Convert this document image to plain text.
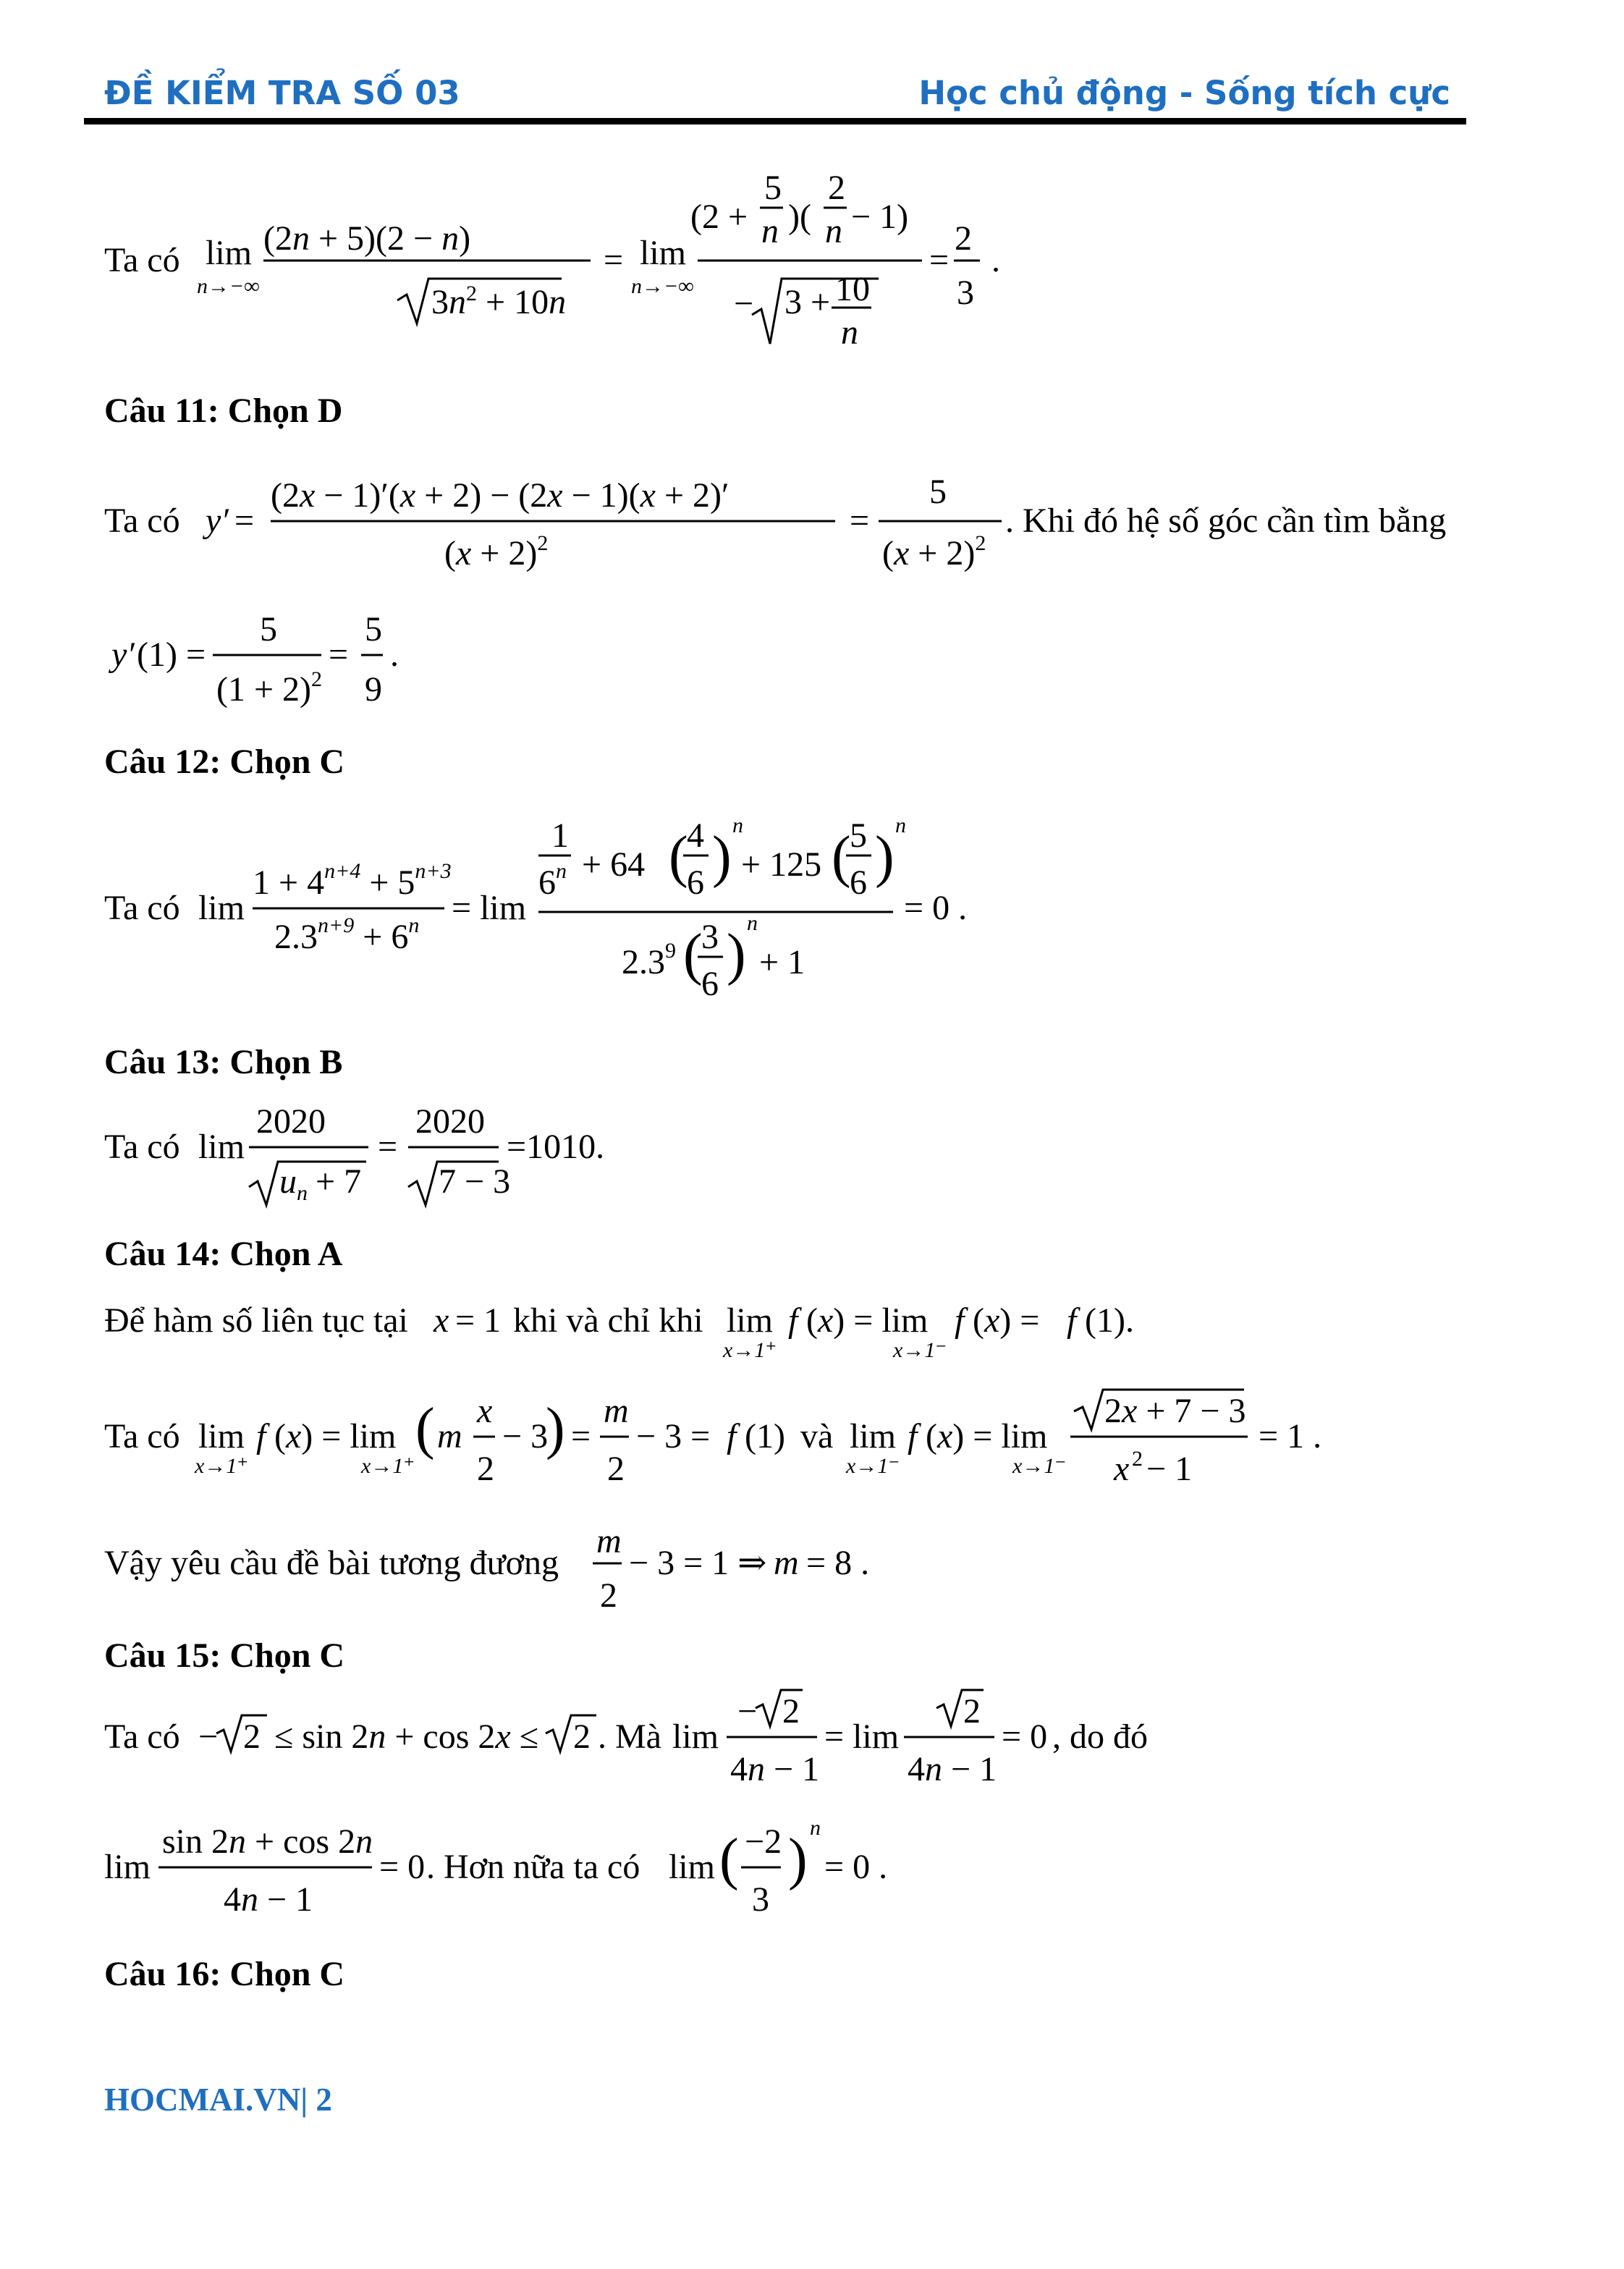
ĐỀ KIỂM TRA SỐ 03	Học chủ động - Sống tích cực
Ta có lim
n→−∞
(2n + 5)(2 − n)
$3n^2 + 10n$
= lim
n→−∞
(2 +
5
n )(
2
n − 1)
− 3 + 10
n
=
2
3
.
Câu 11: Chọn D
Ta có y′ =
(2x − 1)′(x + 2) − (2x − 1)(x + 2)′
$(x + 2)^2$
=
5
$(x + 2)^2$
. Khi đó hệ số góc cần tìm bằng
y′ (1) =
5
$(1 + 2)^2$
=
5
9
.
Câu 12: Chọn C
Ta có lim
$1 + 4^{n+4} + 5^{n+3}$
$2.3^{n+9} + 6^n = \lim$
1
$6^n + 64$ (
4
6 ) n
+ 125 (
5
6 ) n
$2.3^9$ (
3
6 ) n
+ 1
= 0 .
Câu 13: Chọn B
Ta có lim
2020
$u_n + 7$
=
2020
7 − 3
=1010.
Câu 14: Chọn A
Để hàm số liên tục tại x = 1 khi và chỉ khi lim
x→1⁺
f (x) = lim
x→1⁻
f (x) = f (1).
Ta có lim
x→1⁺
f (x) = lim
x→1⁺
( m
x
2
− 3
) =
m
2
− 3 = f (1) và lim
x→1⁻
f (x) = lim
x→1⁻
2x + 7 − 3
x 2 − 1
= 1 .
Vậy yêu cầu đề bài tương đương
m
2
− 3 = 1 ⇒ m = 8 .
Câu 15: Chọn C
Ta có − 2 ≤ sin 2n + cos 2x ≤ 2 . Mà lim
− 2
4n − 1
= lim
2
4n − 1
= 0 , do đó
lim
sin 2n + cos 2n
4n − 1
= 0 . Hơn nữa ta có lim ( −2
3
) n
= 0 .
Câu 16: Chọn C
HOCMAI.VN| 2
